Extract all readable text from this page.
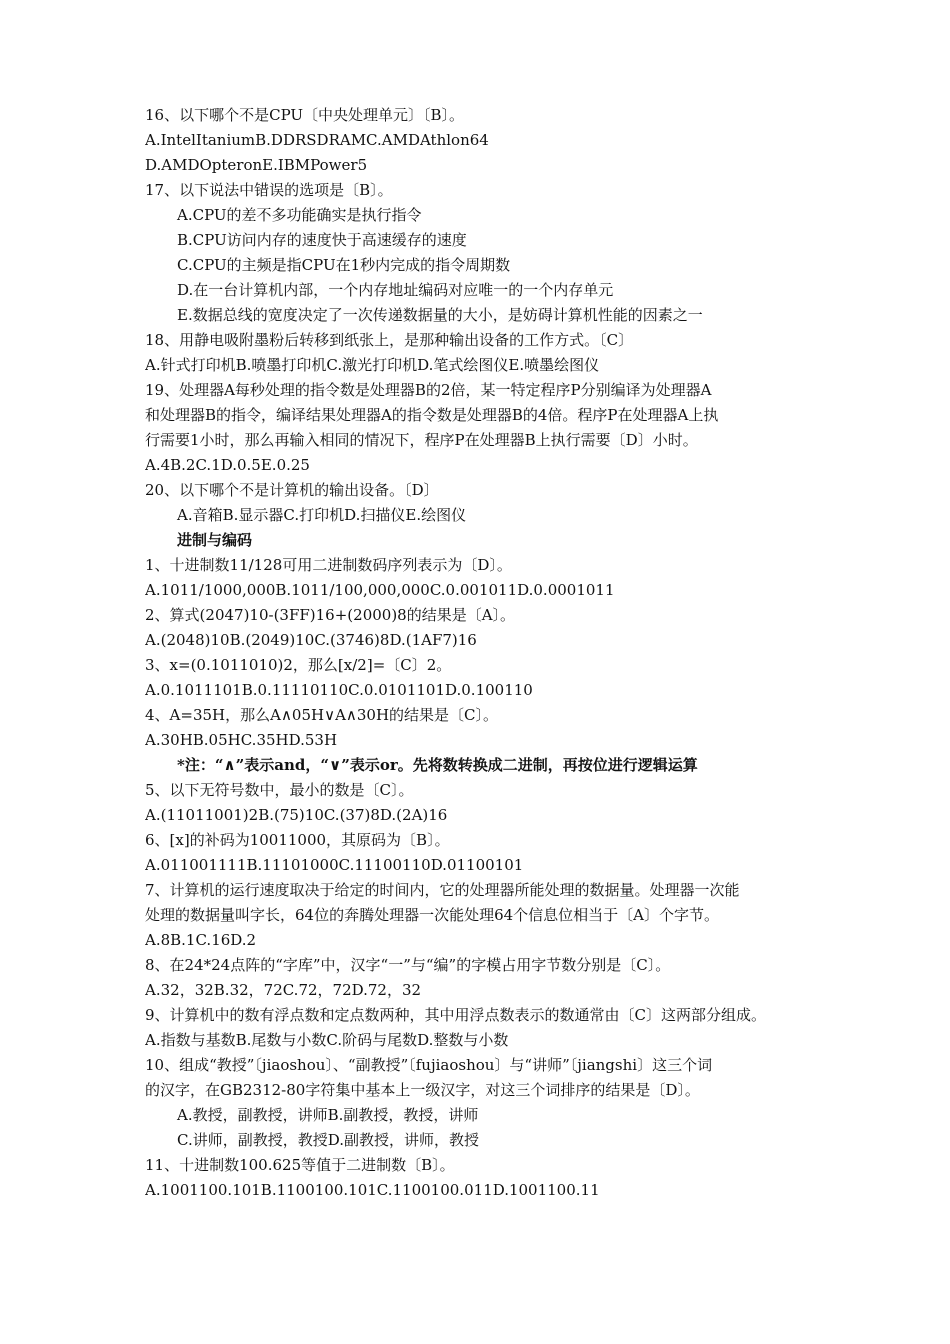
16、以下哪个不是CPU〔中央处理单元〕〔B〕。
A.IntelItaniumB.DDRSDRAMC.AMDAthlon64
D.AMDOpteronE.IBMPower5
17、以下说法中错误的选项是〔B〕。
A.CPU的差不多功能确实是执行指令
B.CPU访问内存的速度快于高速缓存的速度
C.CPU的主频是指CPU在1秒内完成的指令周期数
D.在一台计算机内部，一个内存地址编码对应唯一的一个内存单元
E.数据总线的宽度决定了一次传递数据量的大小，是妨碍计算机性能的因素之一
18、用静电吸附墨粉后转移到纸张上，是那种输出设备的工作方式。〔C〕
A.针式打印机B.喷墨打印机C.激光打印机D.笔式绘图仪E.喷墨绘图仪
19、处理器A每秒处理的指令数是处理器B的2倍，某一特定程序P分别编译为处理器A
和处理器B的指令，编译结果处理器A的指令数是处理器B的4倍。程序P在处理器A上执
行需要1小时，那么再输入相同的情况下，程序P在处理器B上执行需要〔D〕小时。
A.4B.2C.1D.0.5E.0.25
20、以下哪个不是计算机的输出设备。〔D〕
A.音箱B.显示器C.打印机D.扫描仪E.绘图仪
进制与编码
1、十进制数11/128可用二进制数码序列表示为〔D〕。
A.1011/1000,000B.1011/100,000,000C.0.001011D.0.0001011
2、算式(2047)10-(3FF)16+(2000)8的结果是〔A〕。
A.(2048)10B.(2049)10C.(3746)8D.(1AF7)16
3、x=(0.1011010)2，那么[x/2]=〔C〕2。
A.0.1011101B.0.11110110C.0.0101101D.0.100110
4、A=35H，那么A∧05H∨A∧30H的结果是〔C〕。
A.30HB.05HC.35HD.53H
*注：“∧”表示and，“∨”表示or。先将数转换成二进制，再按位进行逻辑运算
5、以下无符号数中，最小的数是〔C〕。
A.(11011001)2B.(75)10C.(37)8D.(2A)16
6、[x]的补码为10011000，其原码为〔B〕。
A.011001111B.11101000C.11100110D.01100101
7、计算机的运行速度取决于给定的时间内，它的处理器所能处理的数据量。处理器一次能
处理的数据量叫字长，64位的奔腾处理器一次能处理64个信息位相当于〔A〕个字节。
A.8B.1C.16D.2
8、在24*24点阵的“字库”中，汉字“一”与“编”的字模占用字节数分别是〔C〕。
A.32，32B.32，72C.72，72D.72，32
9、计算机中的数有浮点数和定点数两种，其中用浮点数表示的数通常由〔C〕这两部分组成。
A.指数与基数B.尾数与小数C.阶码与尾数D.整数与小数
10、组成“教授”〔jiaoshou〕、“副教授”〔fujiaoshou〕与“讲师”〔jiangshi〕这三个词
的汉字，在GB2312-80字符集中基本上一级汉字，对这三个词排序的结果是〔D〕。
A.教授，副教授，讲师B.副教授，教授，讲师
C.讲师，副教授，教授D.副教授，讲师，教授
11、十进制数100.625等值于二进制数〔B〕。
A.1001100.101B.1100100.101C.1100100.011D.1001100.11
